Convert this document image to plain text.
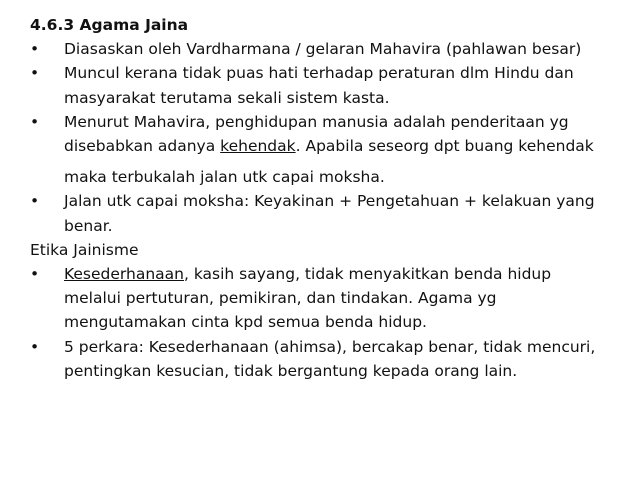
4.6.3 Agama Jaina

•	Diasaskan oleh Vardharmana / gelaran Mahavira (pahlawan besar)
•	Muncul kerana tidak puas hati terhadap peraturan dlm Hindu dan
masyarakat terutama sekali sistem kasta.
•	Menurut Mahavira, penghidupan manusia adalah penderitaan yg
disebabkan adanya kehendak. Apabila seseorg dpt buang kehendak
maka terbukalah jalan utk capai moksha.
•	Jalan utk capai moksha: Keyakinan + Pengetahuan + kelakuan yang
benar.

Etika Jainisme

•	Kesederhanaan, kasih sayang, tidak menyakitkan benda hidup
melalui pertuturan, pemikiran, dan tindakan. Agama yg
mengutamakan cinta kpd semua benda hidup.
•	5 perkara: Kesederhanaan (ahimsa), bercakap benar, tidak mencuri,
pentingkan kesucian, tidak bergantung kepada orang lain.
